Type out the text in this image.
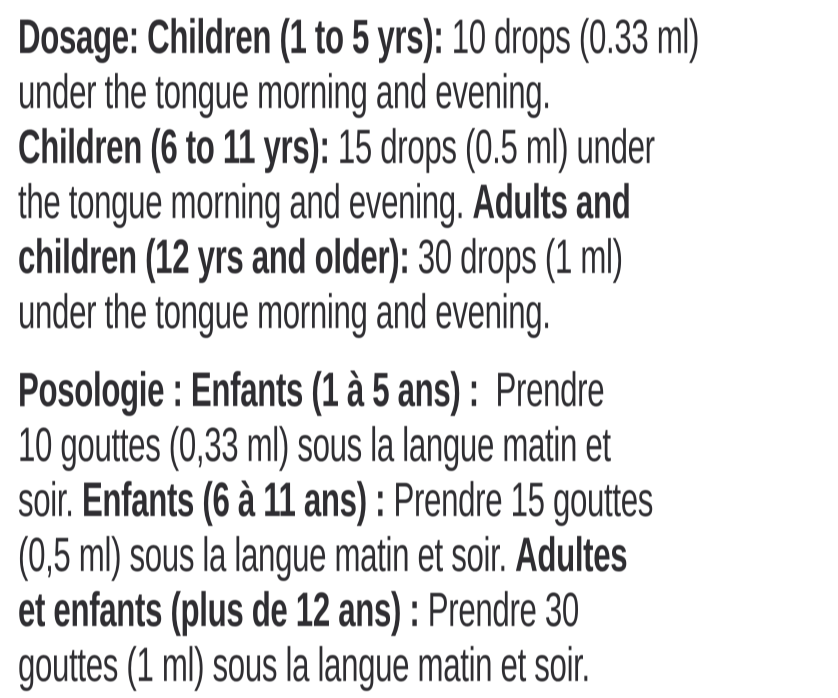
Dosage: Children (1 to 5 yrs): 10 drops (0.33 ml)
under the tongue morning and evening.
Children (6 to 11 yrs): 15 drops (0.5 ml) under
the tongue morning and evening. Adults and
children (12 yrs and older): 30 drops (1 ml)
under the tongue morning and evening.
Posologie : Enfants (1 à 5 ans) :  Prendre
10 gouttes (0,33 ml) sous la langue matin et
soir. Enfants (6 à 11 ans) : Prendre 15 gouttes
(0,5 ml) sous la langue matin et soir. Adultes
et enfants (plus de 12 ans) : Prendre 30
gouttes (1 ml) sous la langue matin et soir.
